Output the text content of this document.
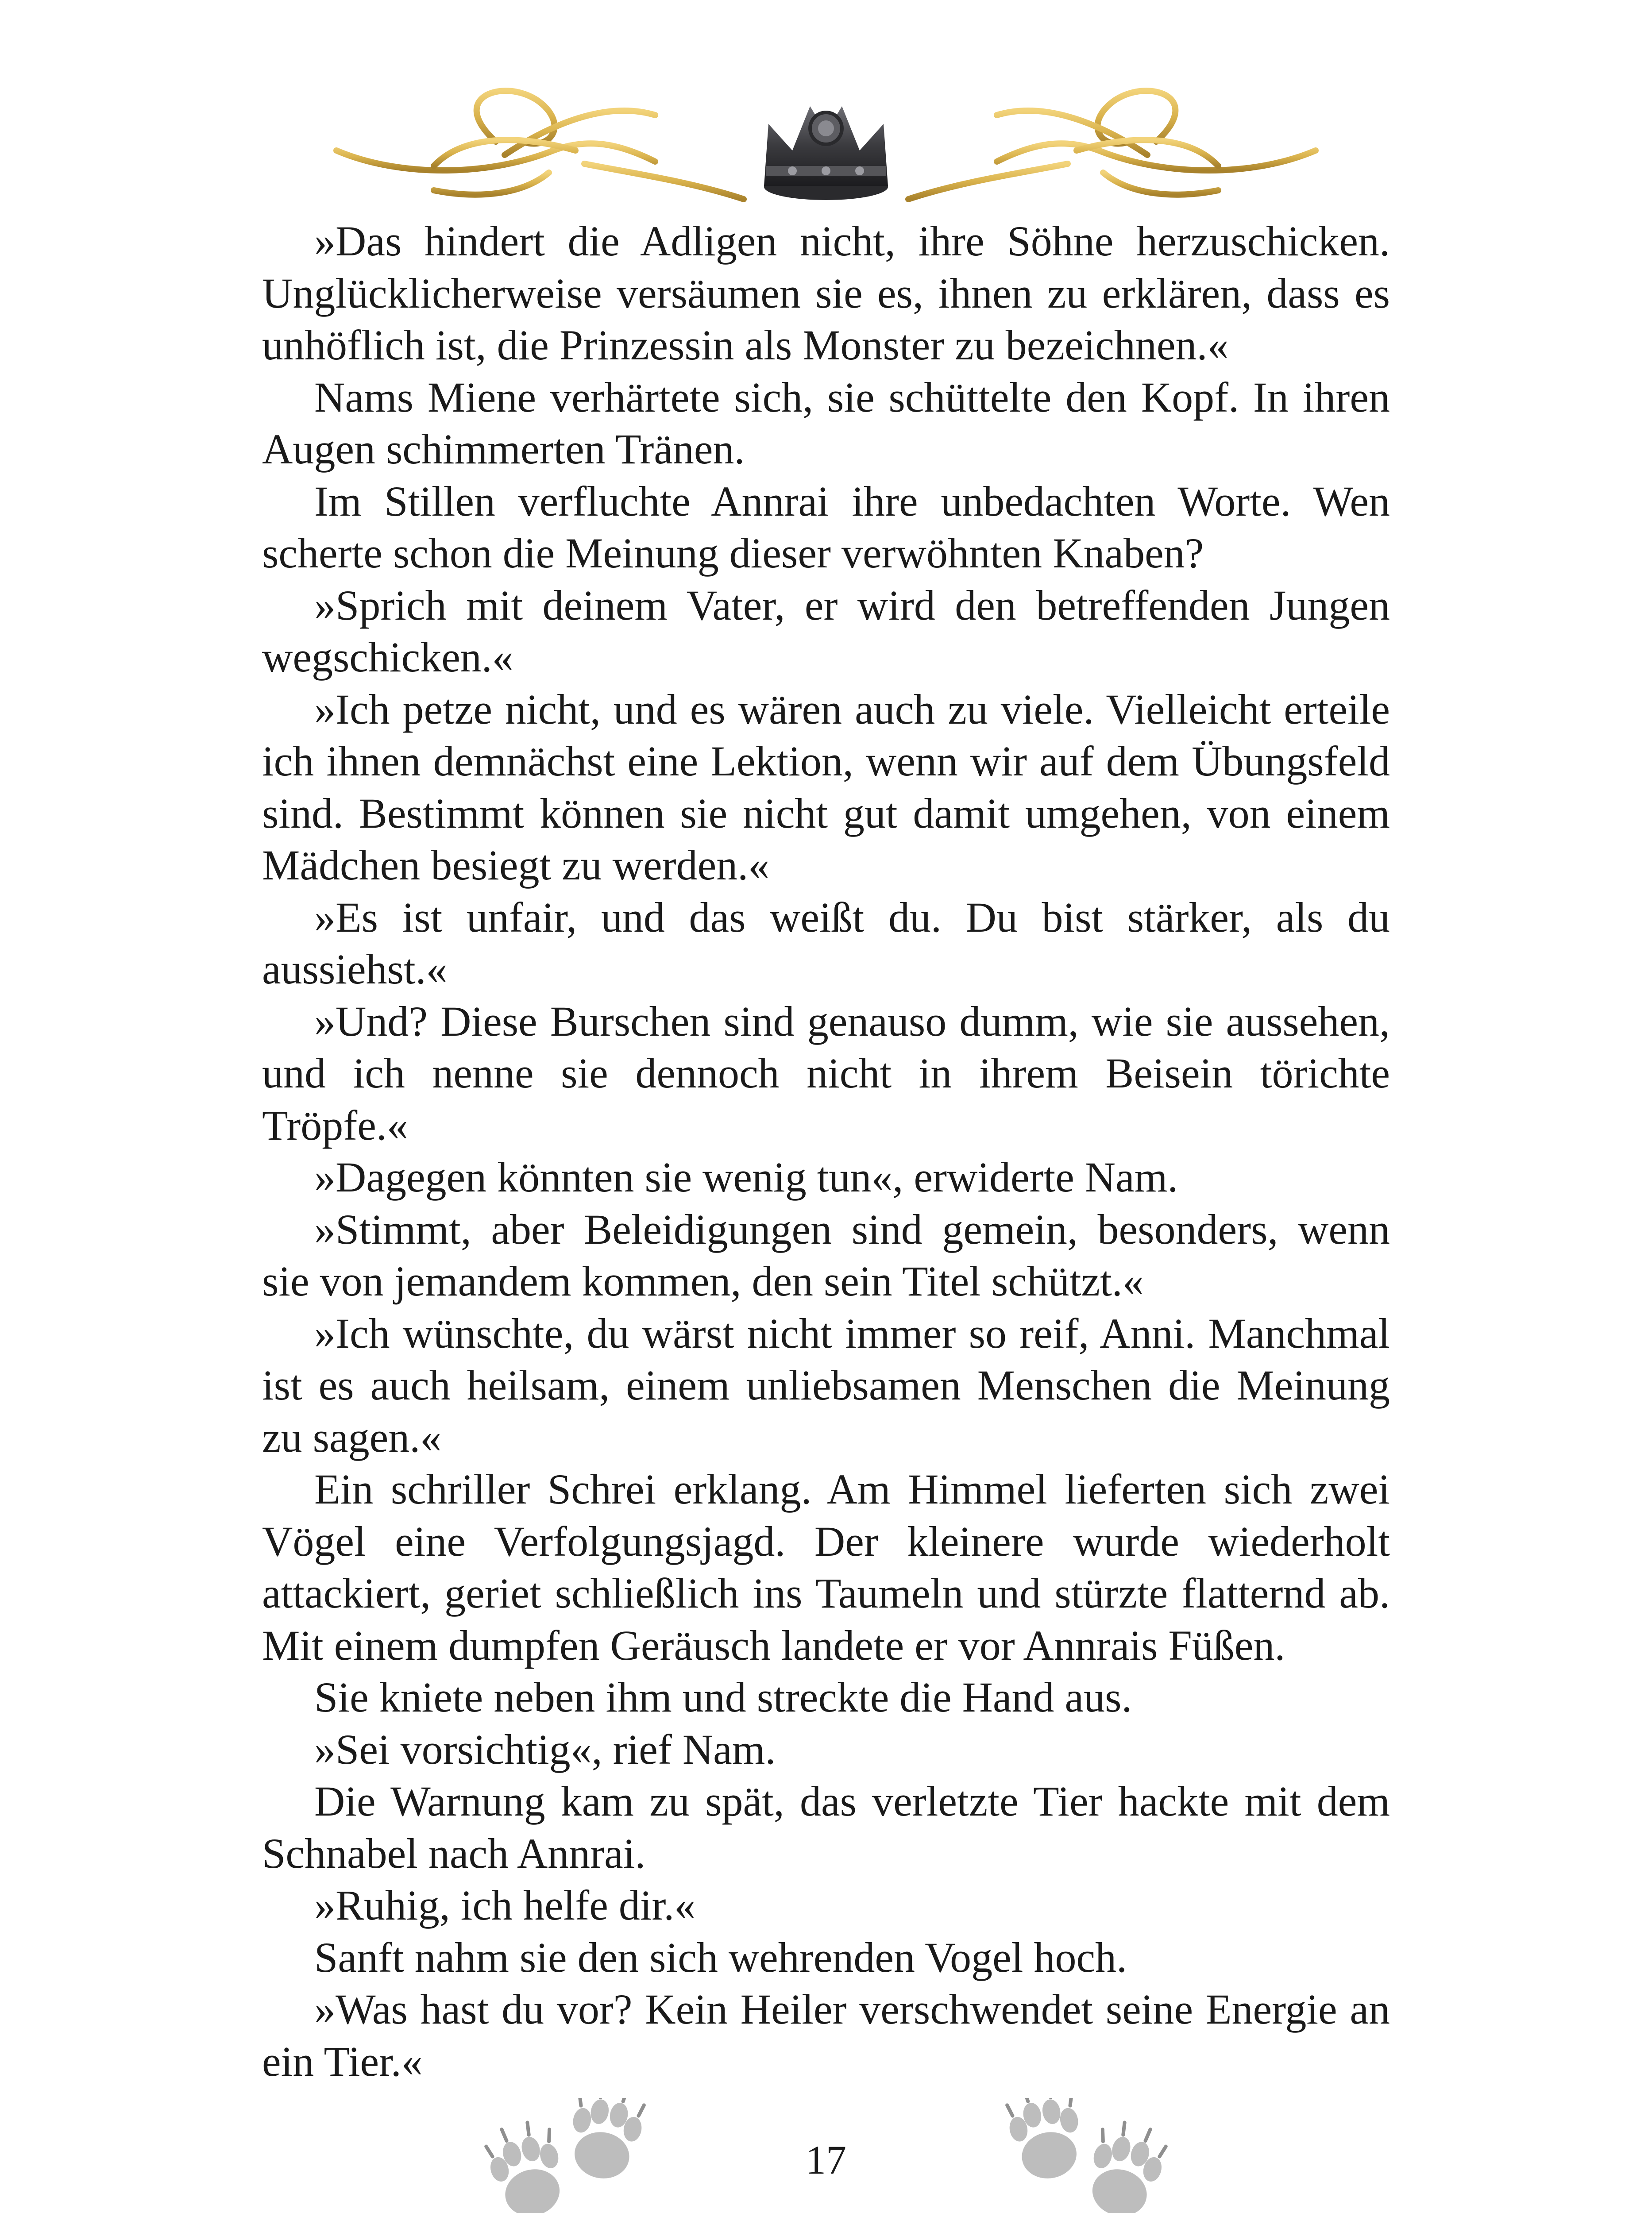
»Das hindert die Adligen nicht, ihre Söhne herzuschicken. Unglücklicherweise versäumen sie es, ihnen zu erklären, dass es unhöflich ist, die Prinzessin als Monster zu bezeichnen.«

Nams Miene verhärtete sich, sie schüttelte den Kopf. In ihren Augen schimmerten Tränen.

Im Stillen verfluchte Annrai ihre unbedachten Worte. Wen scherte schon die Meinung dieser verwöhnten Knaben?

»Sprich mit deinem Vater, er wird den betreffenden Jungen wegschicken.«

»Ich petze nicht, und es wären auch zu viele. Vielleicht erteile ich ihnen demnächst eine Lektion, wenn wir auf dem Übungsfeld sind. Bestimmt können sie nicht gut damit umgehen, von einem Mädchen besiegt zu werden.«

»Es ist unfair, und das weißt du. Du bist stärker, als du aussiehst.«

»Und? Diese Burschen sind genauso dumm, wie sie aussehen, und ich nenne sie dennoch nicht in ihrem Beisein törichte Tröpfe.«

»Dagegen könnten sie wenig tun«, erwiderte Nam.

»Stimmt, aber Beleidigungen sind gemein, besonders, wenn sie von jemandem kommen, den sein Titel schützt.«

»Ich wünschte, du wärst nicht immer so reif, Anni. Manchmal ist es auch heilsam, einem unliebsamen Menschen die Meinung zu sagen.«

Ein schriller Schrei erklang. Am Himmel lieferten sich zwei Vögel eine Verfolgungsjagd. Der kleinere wurde wiederholt attackiert, geriet schließlich ins Taumeln und stürzte flatternd ab. Mit einem dumpfen Geräusch landete er vor Annrais Füßen.

Sie kniete neben ihm und streckte die Hand aus.

»Sei vorsichtig«, rief Nam.

Die Warnung kam zu spät, das verletzte Tier hackte mit dem Schnabel nach Annrai.

»Ruhig, ich helfe dir.«

Sanft nahm sie den sich wehrenden Vogel hoch.

»Was hast du vor? Kein Heiler verschwendet seine Energie an ein Tier.«

17
